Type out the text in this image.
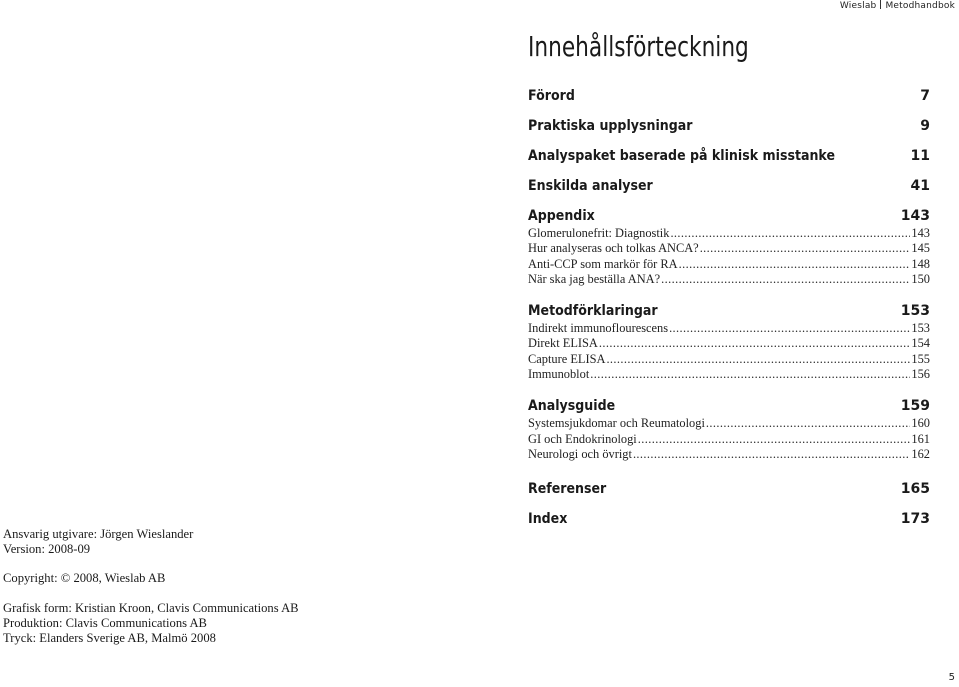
Wieslab Metodhandbok
Innehållsförteckning
Förord	7
Praktiska upplysningar	9
Analyspaket baserade på klinisk misstanke	11
Enskilda analyser	41
Appendix	143
Glomerulonefrit: Diagnostik .....	143
Hur analyseras och tolkas ANCA? .....	145
Anti-CCP som markör för RA .....	148
När ska jag beställa ANA? .....	150
Metodförklaringar	153
Indirekt immunoflourescens .....	153
Direkt ELISA .....	154
Capture ELISA .....	155
Immunoblot .....	156
Analysguide	159
Systemsjukdomar och Reumatologi .....	160
GI och Endokrinologi .....	161
Neurologi och övrigt .....	162
Referenser	165
Index	173
Ansvarig utgivare: Jörgen Wieslander
Version: 2008-09
Copyright: © 2008, Wieslab AB
Grafisk form: Kristian Kroon, Clavis Communications AB
Produktion: Clavis Communications AB
Tryck: Elanders Sverige AB, Malmö 2008
5
